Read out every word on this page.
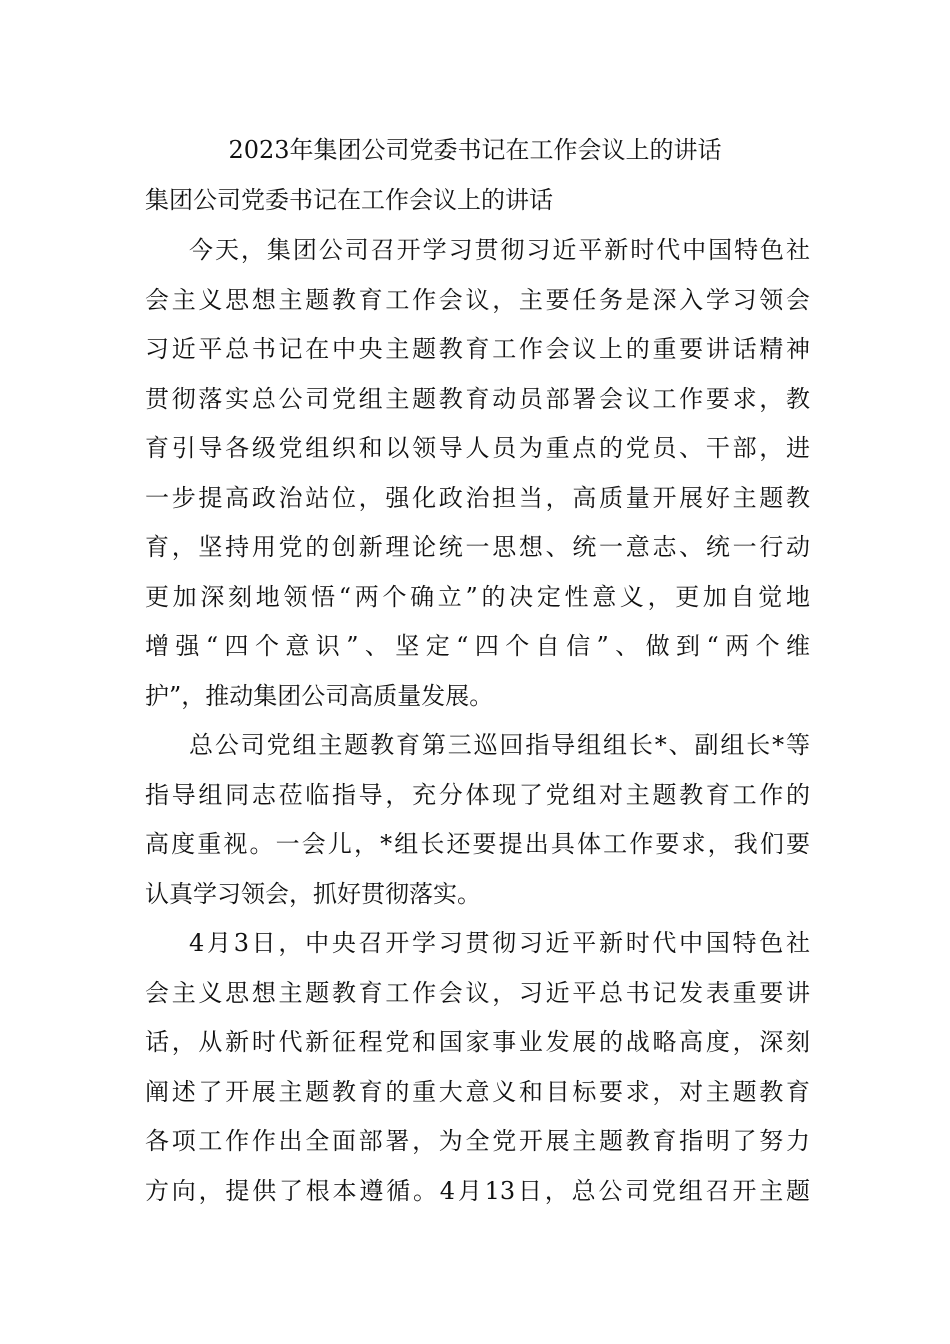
2023年集团公司党委书记在工作会议上的讲话
集团公司党委书记在工作会议上的讲话
今天，集团公司召开学习贯彻习近平新时代中国特色社
会主义思想主题教育工作会议，主要任务是深入学习领会
习近平总书记在中央主题教育工作会议上的重要讲话精神
贯彻落实总公司党组主题教育动员部署会议工作要求，教
育引导各级党组织和以领导人员为重点的党员、干部，进
一步提高政治站位，强化政治担当，高质量开展好主题教
育，坚持用党的创新理论统一思想、统一意志、统一行动
更加深刻地领悟“两个确立”的决定性意义，更加自觉地
增强“四个意识”、坚定“四个自信”、做到“两个维
护”，推动集团公司高质量发展。
总公司党组主题教育第三巡回指导组组长*、副组长*等
指导组同志莅临指导，充分体现了党组对主题教育工作的
高度重视。一会儿，*组长还要提出具体工作要求，我们要
认真学习领会，抓好贯彻落实。
4月3日，中央召开学习贯彻习近平新时代中国特色社
会主义思想主题教育工作会议，习近平总书记发表重要讲
话，从新时代新征程党和国家事业发展的战略高度，深刻
阐述了开展主题教育的重大意义和目标要求，对主题教育
各项工作作出全面部署，为全党开展主题教育指明了努力
方向，提供了根本遵循。4月13日，总公司党组召开主题
